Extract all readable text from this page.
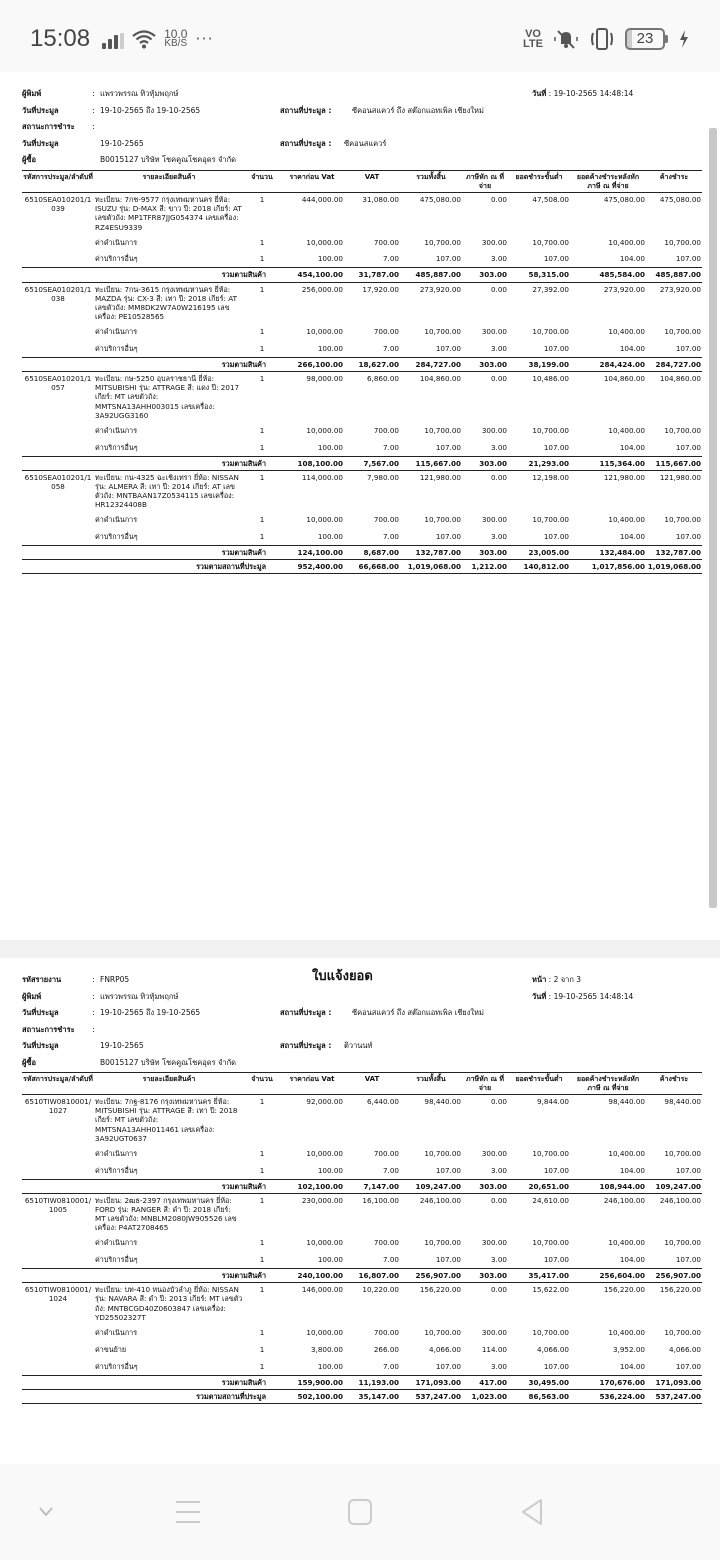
15:08	10.0
KB/S ···	VO
LTE	23
ผู้พิมพ์	: แพรวพรรณ ทิวทุ้มพฤกษ์	วันที่ : 19-10-2565 14:48:14
วันที่ประมูล	: 19-10-2565 ถึง 19-10-2565	สถานที่ประมูล :	ซีคอนสแควร์ ถึง สต๊อกแอทเพิล เชียงใหม่
สถานะการชำระ :
วันที่ประมูล	19-10-2565	สถานที่ประมูล : ซีคอนสแควร์
ผู้ซื้อ	B0015127 บริษัท โชคคูณโชคอุดร จำกัด
รหัสการประมูล/ลำดับที่	รายละเอียดสินค้า	จำนวน	ราคาก่อน Vat	VAT	รวมทั้งสิ้น	ภาษีหัก ณ ที่จ่าย	ยอดชำระขั้นต่ำ	ยอดค้างชำระหลังหักภาษี ณ ที่จ่าย	ค้างชำระ
6510SEA010201/1039	ทะเบียน: 7กช-9577 กรุงเทพมหานคร ยี่ห้อ: ISUZU รุ่น: D-MAX สี: ขาว ปี: 2018 เกียร์: AT เลขตัวถัง: MP1TFR87JJG054374 เลขเครื่อง: RZ4ESU9339	1	444,000.00	31,080.00	475,080.00	0.00	47,508.00	475,080.00	475,080.00
	ค่าดำเนินการ	1	10,000.00	700.00	10,700.00	300.00	10,700.00	10,400.00	10,700.00
	ค่าบริการอื่นๆ	1	100.00	7.00	107.00	3.00	107.00	104.00	107.00
รวมตามสินค้า			454,100.00	31,787.00	485,887.00	303.00	58,315.00	485,584.00	485,887.00
6510SEA010201/1038	ทะเบียน: 7กน-3615 กรุงเทพมหานคร ยี่ห้อ: MAZDA รุ่น: CX-3 สี: เทา ปี: 2018 เกียร์: AT เลขตัวถัง: MM8DK2W7A0W216195 เลขเครื่อง: PE10528565	1	256,000.00	17,920.00	273,920.00	0.00	27,392.00	273,920.00	273,920.00
	ค่าดำเนินการ	1	10,000.00	700.00	10,700.00	300.00	10,700.00	10,400.00	10,700.00
	ค่าบริการอื่นๆ	1	100.00	7.00	107.00	3.00	107.00	104.00	107.00
รวมตามสินค้า			266,100.00	18,627.00	284,727.00	303.00	38,199.00	284,424.00	284,727.00
6510SEA010201/1057	ทะเบียน: กษ-5250 อุบลราชธานี ยี่ห้อ: MITSUBISHI รุ่น: ATTRAGE สี: แดง ปี: 2017 เกียร์: MT เลขตัวถัง: MMTSNA13AHH003015 เลขเครื่อง: 3A92UGG3160	1	98,000.00	6,860.00	104,860.00	0.00	10,486.00	104,860.00	104,860.00
	ค่าดำเนินการ	1	10,000.00	700.00	10,700.00	300.00	10,700.00	10,400.00	10,700.00
	ค่าบริการอื่นๆ	1	100.00	7.00	107.00	3.00	107.00	104.00	107.00
รวมตามสินค้า			108,100.00	7,567.00	115,667.00	303.00	21,293.00	115,364.00	115,667.00
6510SEA010201/1058	ทะเบียน: กน-4325 ฉะเชิงเทรา ยี่ห้อ: NISSAN รุ่น: ALMERA สี: เทา ปี: 2014 เกียร์: AT เลขตัวถัง: MNTBAAN17Z0534115 เลขเครื่อง: HR12324408B	1	114,000.00	7,980.00	121,980.00	0.00	12,198.00	121,980.00	121,980.00
	ค่าดำเนินการ	1	10,000.00	700.00	10,700.00	300.00	10,700.00	10,400.00	10,700.00
	ค่าบริการอื่นๆ	1	100.00	7.00	107.00	3.00	107.00	104.00	107.00
รวมตามสินค้า			124,100.00	8,687.00	132,787.00	303.00	23,005.00	132,484.00	132,787.00
รวมตามสถานที่ประมูล			952,400.00	66,668.00	1,019,068.00	1,212.00	140,812.00	1,017,856.00	1,019,068.00
รหัสรายงาน	: FNRP05	ใบแจ้งยอด	หน้า : 2 จาก 3
ผู้พิมพ์	: แพรวพรรณ ทิวทุ้มพฤกษ์	วันที่ : 19-10-2565 14:48:14
วันที่ประมูล	: 19-10-2565 ถึง 19-10-2565	สถานที่ประมูล :	ซีคอนสแควร์ ถึง สต๊อกแอทเพิล เชียงใหม่
สถานะการชำระ :
วันที่ประมูล	19-10-2565	สถานที่ประมูล : ติวานนท์
ผู้ซื้อ	B0015127 บริษัท โชคคูณโชคอุดร จำกัด
รหัสการประมูล/ลำดับที่	รายละเอียดสินค้า	จำนวน	ราคาก่อน Vat	VAT	รวมทั้งสิ้น	ภาษีหัก ณ ที่จ่าย	ยอดชำระขั้นต่ำ	ยอดค้างชำระหลังหักภาษี ณ ที่จ่าย	ค้างชำระ
6510TIW0810001/1027	ทะเบียน: 7กฐ-8176 กรุงเทพมหานคร ยี่ห้อ: MITSUBISHI รุ่น: ATTRAGE สี: เทา ปี: 2018 เกียร์: MT เลขตัวถัง: MMTSNA13AHH011461 เลขเครื่อง: 3A92UGT0637	1	92,000.00	6,440.00	98,440.00	0.00	9,844.00	98,440.00	98,440.00
	ค่าดำเนินการ	1	10,000.00	700.00	10,700.00	300.00	10,700.00	10,400.00	10,700.00
	ค่าบริการอื่นๆ	1	100.00	7.00	107.00	3.00	107.00	104.00	107.00
รวมตามสินค้า			102,100.00	7,147.00	109,247.00	303.00	20,651.00	108,944.00	109,247.00
6510TIW0810001/1005	ทะเบียน: 2ฒธ-2397 กรุงเทพมหานคร ยี่ห้อ: FORD รุ่น: RANGER สี: ดำ ปี: 2018 เกียร์: MT เลขตัวถัง: MNBLM2080JW905526 เลขเครื่อง: P4AT2708465	1	230,000.00	16,100.00	246,100.00	0.00	24,610.00	246,100.00	246,100.00
	ค่าดำเนินการ	1	10,000.00	700.00	10,700.00	300.00	10,700.00	10,400.00	10,700.00
	ค่าบริการอื่นๆ	1	100.00	7.00	107.00	3.00	107.00	104.00	107.00
รวมตามสินค้า			240,100.00	16,807.00	256,907.00	303.00	35,417.00	256,604.00	256,907.00
6510TIW0810001/1024	ทะเบียน: บท-410 หนองบัวลำภู ยี่ห้อ: NISSAN รุ่น: NAVARA สี: ดำ ปี: 2013 เกียร์: MT เลขตัวถัง: MNTBCGD40Z0603847 เลขเครื่อง: YD25502327T	1	146,000.00	10,220.00	156,220.00	0.00	15,622.00	156,220.00	156,220.00
	ค่าดำเนินการ	1	10,000.00	700.00	10,700.00	300.00	10,700.00	10,400.00	10,700.00
	ค่าขนย้าย	1	3,800.00	266.00	4,066.00	114.00	4,066.00	3,952.00	4,066.00
	ค่าบริการอื่นๆ	1	100.00	7.00	107.00	3.00	107.00	104.00	107.00
รวมตามสินค้า			159,900.00	11,193.00	171,093.00	417.00	30,495.00	170,676.00	171,093.00
รวมตามสถานที่ประมูล			502,100.00	35,147.00	537,247.00	1,023.00	86,563.00	536,224.00	537,247.00
